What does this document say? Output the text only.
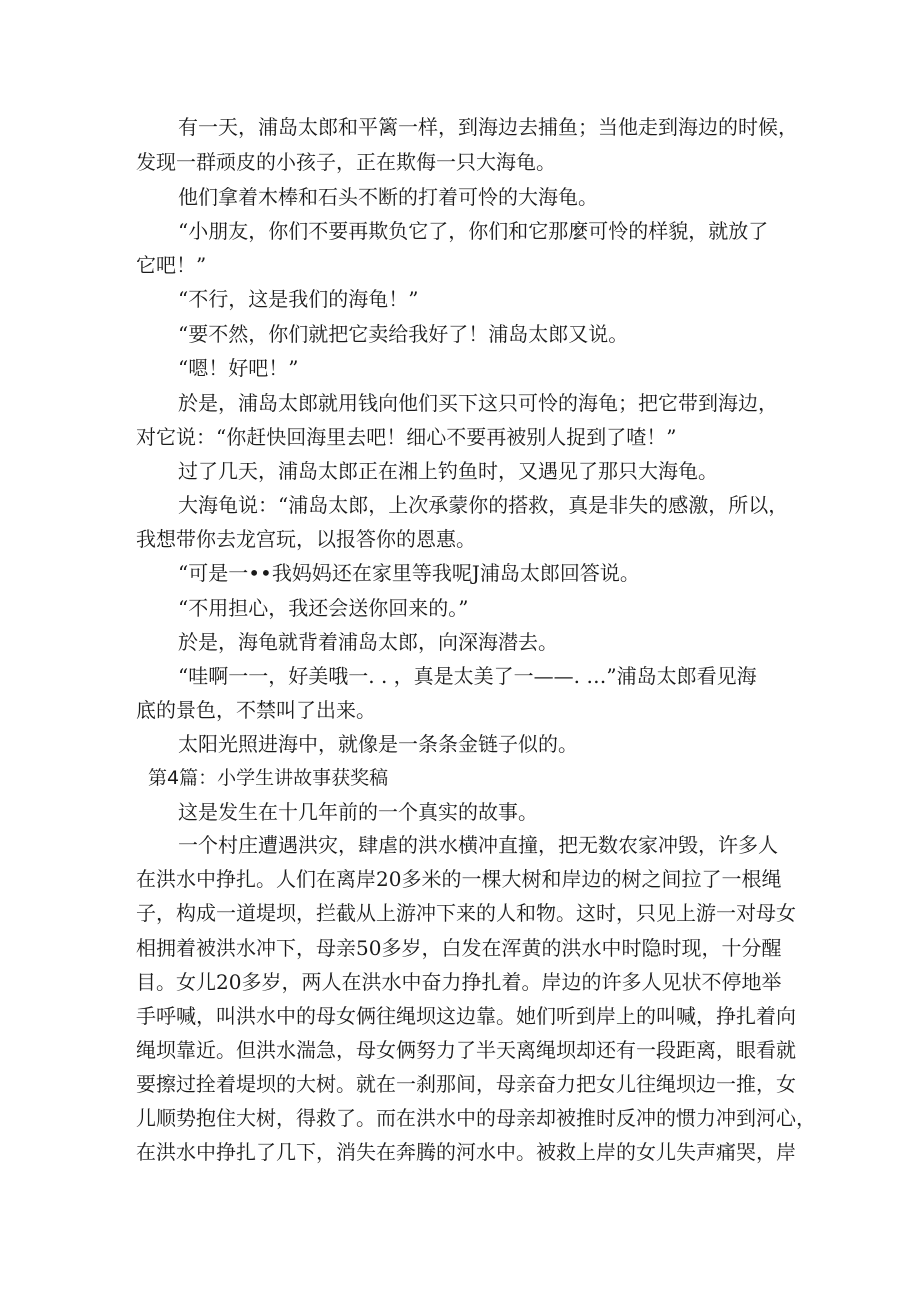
有一天，浦岛太郎和平篱一样，到海边去捕鱼；当他走到海边的时候，
发现一群顽皮的小孩子，正在欺侮一只大海龟。
他们拿着木棒和石头不断的打着可怜的大海龟。
“小朋友，你们不要再欺负它了，你们和它那麼可怜的样貌，就放了
它吧！”
“不行，这是我们的海龟！”
“要不然，你们就把它卖给我好了！浦岛太郎又说。
“嗯！好吧！”
於是，浦岛太郎就用钱向他们买下这只可怜的海龟；把它带到海边，
对它说：“你赶快回海里去吧！细心不要再被别人捉到了喳！”
过了几天，浦岛太郎正在湘上钓鱼时，又遇见了那只大海龟。
大海龟说：“浦岛太郎，上次承蒙你的搭救，真是非失的感激，所以，
我想带你去龙宫玩，以报答你的恩惠。
“可是一••我妈妈还在家里等我呢J浦岛太郎回答说。
“不用担心，我还会送你回来的。”
於是，海龟就背着浦岛太郎，向深海潜去。
“哇啊一一，好美哦一. . ，真是太美了一——. …”浦岛太郎看见海
底的景色，不禁叫了出来。
太阳光照进海中，就像是一条条金链子似的。
第4篇：小学生讲故事获奖稿
这是发生在十几年前的一个真实的故事。
一个村庄遭遇洪灾，肆虐的洪水横冲直撞，把无数农家冲毁，许多人
在洪水中挣扎。人们在离岸20多米的一棵大树和岸边的树之间拉了一根绳
子，构成一道堤坝，拦截从上游冲下来的人和物。这时，只见上游一对母女
相拥着被洪水冲下，母亲50多岁，白发在浑黄的洪水中时隐时现，十分醒
目。女儿20多岁，两人在洪水中奋力挣扎着。岸边的许多人见状不停地举
手呼喊，叫洪水中的母女俩往绳坝这边靠。她们听到岸上的叫喊，挣扎着向
绳坝靠近。但洪水湍急，母女俩努力了半天离绳坝却还有一段距离，眼看就
要擦过拴着堤坝的大树。就在一刹那间，母亲奋力把女儿往绳坝边一推，女
儿顺势抱住大树，得救了。而在洪水中的母亲却被推时反冲的惯力冲到河心，
在洪水中挣扎了几下，消失在奔腾的河水中。被救上岸的女儿失声痛哭，岸
